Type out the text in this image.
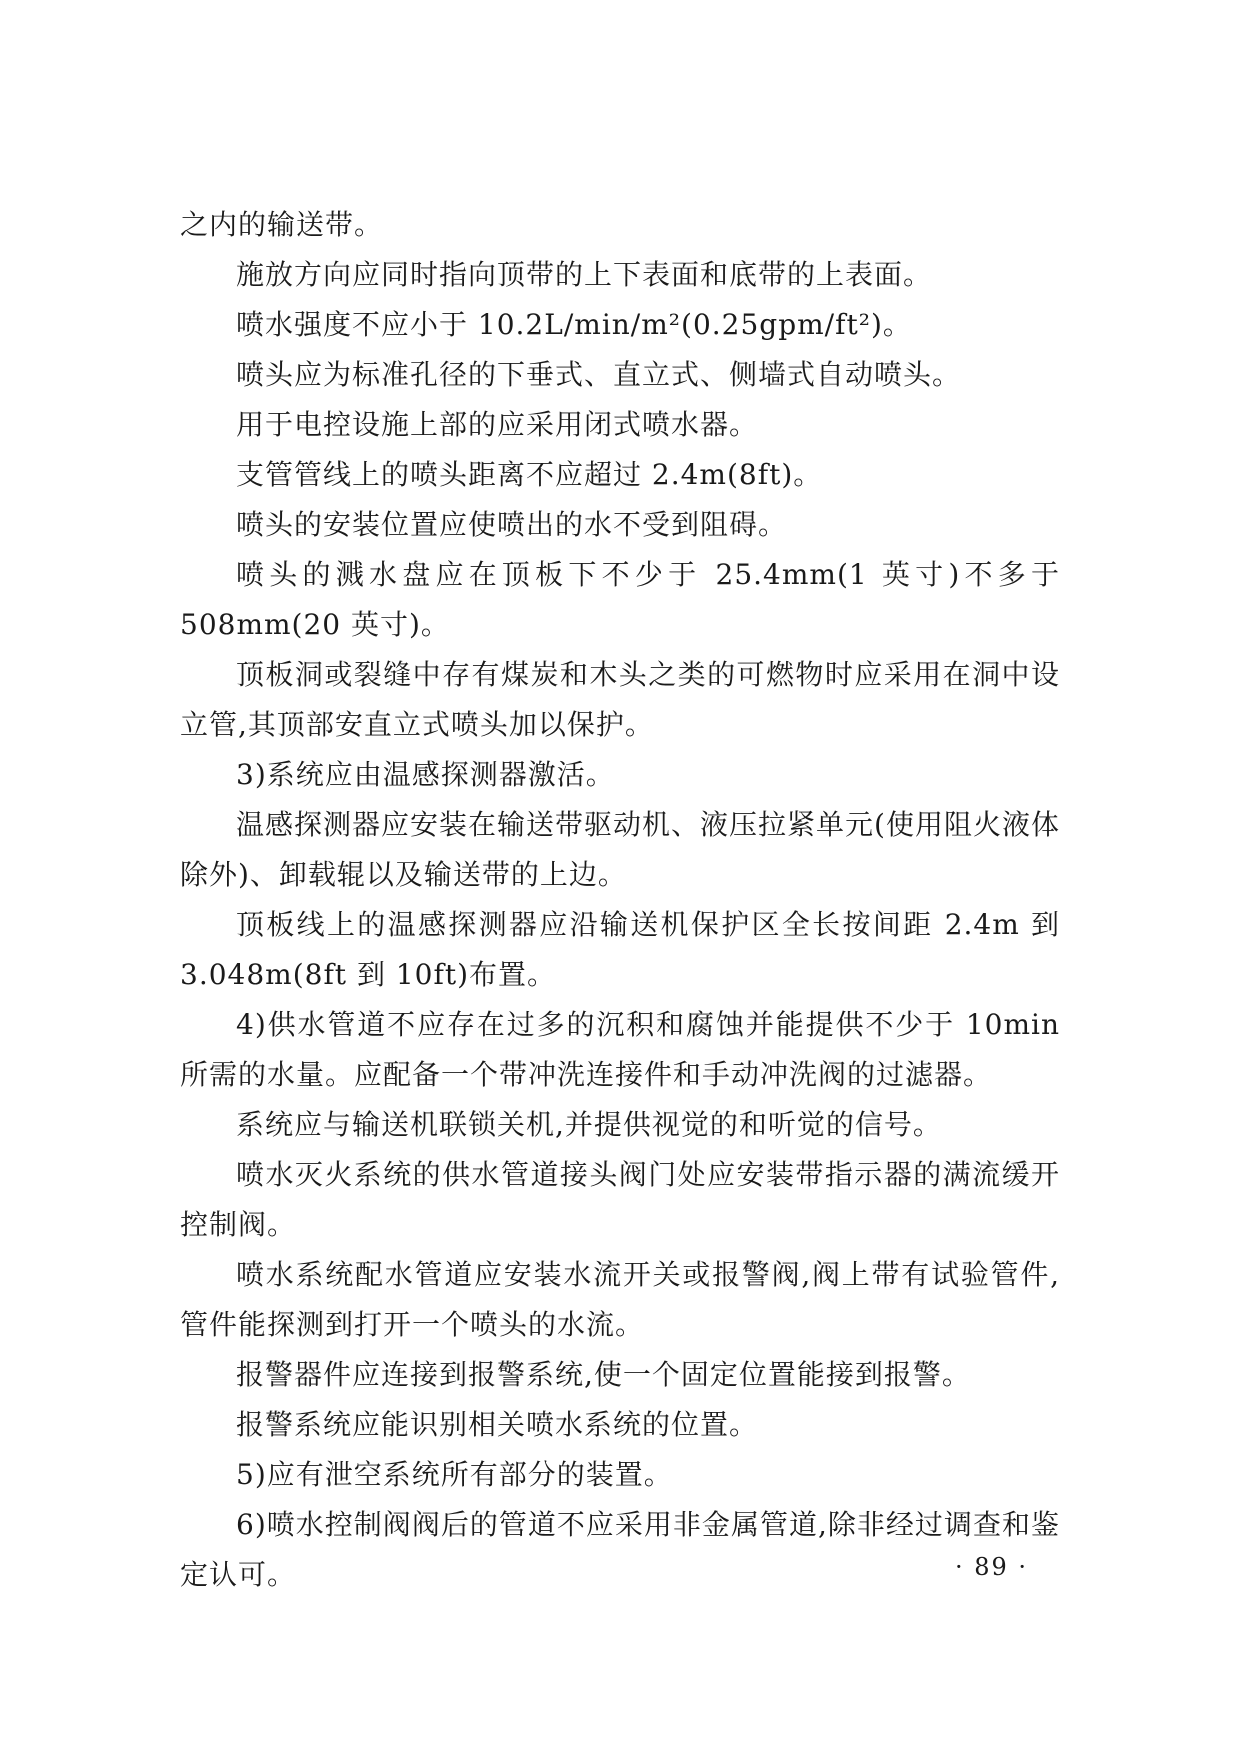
之内的输送带。

施放方向应同时指向顶带的上下表面和底带的上表面。

喷水强度不应小于 10.2L/min/m²(0.25gpm/ft²)。

喷头应为标准孔径的下垂式、直立式、侧墙式自动喷头。

用于电控设施上部的应采用闭式喷水器。

支管管线上的喷头距离不应超过 2.4m(8ft)。

喷头的安装位置应使喷出的水不受到阻碍。

喷头的溅水盘应在顶板下不少于 25.4mm(1 英寸)不多于 508mm(20 英寸)。

顶板洞或裂缝中存有煤炭和木头之类的可燃物时应采用在洞中设立管,其顶部安直立式喷头加以保护。

3)系统应由温感探测器激活。

温感探测器应安装在输送带驱动机、液压拉紧单元(使用阻火液体除外)、卸载辊以及输送带的上边。

顶板线上的温感探测器应沿输送机保护区全长按间距 2.4m 到 3.048m(8ft 到 10ft)布置。

4)供水管道不应存在过多的沉积和腐蚀并能提供不少于 10min 所需的水量。应配备一个带冲洗连接件和手动冲洗阀的过滤器。

系统应与输送机联锁关机,并提供视觉的和听觉的信号。

喷水灭火系统的供水管道接头阀门处应安装带指示器的满流缓开控制阀。

喷水系统配水管道应安装水流开关或报警阀,阀上带有试验管件,管件能探测到打开一个喷头的水流。

报警器件应连接到报警系统,使一个固定位置能接到报警。

报警系统应能识别相关喷水系统的位置。

5)应有泄空系统所有部分的装置。

6)喷水控制阀阀后的管道不应采用非金属管道,除非经过调查和鉴定认可。	· 89 ·
